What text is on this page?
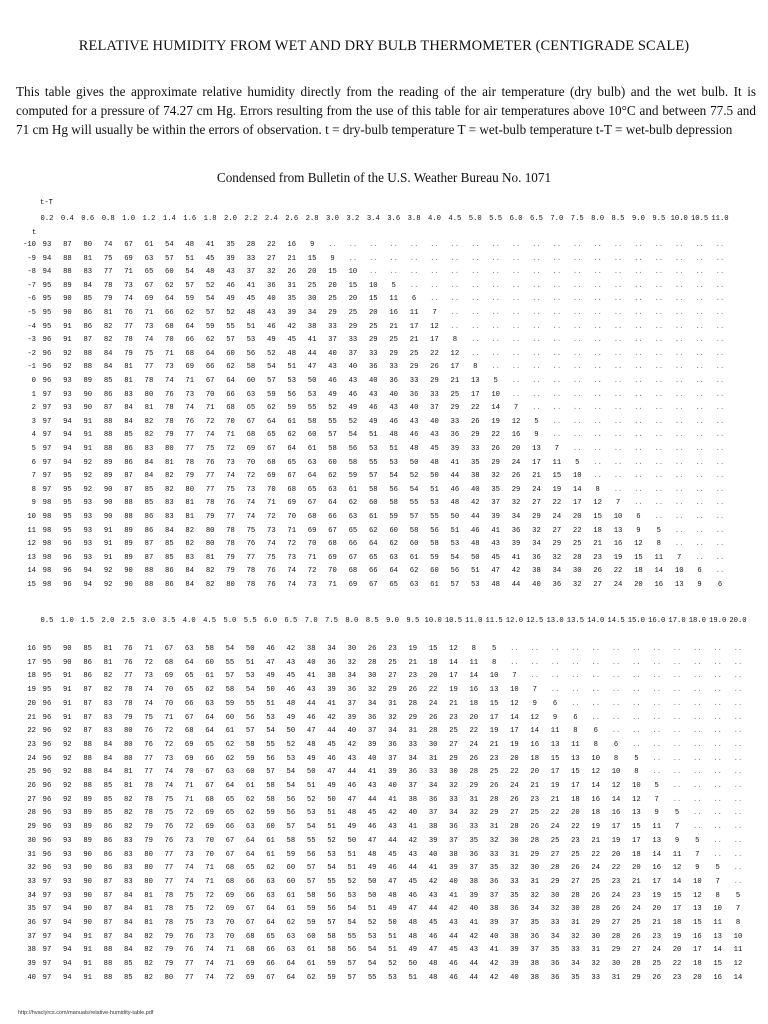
RELATIVE HUMIDITY FROM WET AND DRY BULB THERMOMETER (CENTIGRADE SCALE)
This table gives the approximate relative humidity directly from the reading of the air temperature (dry bulb) and the wet bulb. It is computed for a pressure of 74.27 cm Hg. Errors resulting from the use of this table for air temperatures above 10°C and between 77.5 and 71 cm Hg will usually be within the errors of observation. t = dry-bulb temperature T = wet-bulb temperature t-T = wet-bulb depression
Condensed from Bulletin of the U.S. Weather Bureau No. 1071

t-T

0.2	0.4	0.6	0.8	1.0	1.2	1.4	1.6	1.8	2.0	2.2	2.4	2.6	2.8	3.0	3.2	3.4	3.6	3.8	4.0	4.5	5.0	5.5	6.0	6.5	7.0	7.5	8.0	8.5	9.0	9.5 10.0 10.5 11.0

t

-10 93	87	80	74	67	61	54	48	41	35	28	22	16	9	..	..	..	..	..	..	..	..	..	..	..	..	..	..	..	..	..	..	..	..
-9 94	88	81	75	69	63	57	51	45	39	33	27	21	15	9	..	..	..	..	..	..	..	..	..	..	..	..	..	..	..	..	..	..	..
-8 94	88	83	77	71	65	60	54	48	43	37	32	26	20	15	10	..	..	..	..	..	..	..	..	..	..	..	..	..	..	..	..	..	..
-7 95	89	84	78	73	67	62	57	52	46	41	36	31	25	20	15	10	5	..	..	..	..	..	..	..	..	..	..	..	..	..	..	..	..
-6 95	90	85	79	74	69	64	59	54	49	45	40	35	30	25	20	15	11	6	..	..	..	..	..	..	..	..	..	..	..	..	..	..	..
-5 95	90	86	81	76	71	66	62	57	52	48	43	39	34	29	25	20	16	11	7	..	..	..	..	..	..	..	..	..	..	..	..	..	..
-4 95	91	86	82	77	73	68	64	59	55	51	46	42	38	33	29	25	21	17	12	..	..	..	..	..	..	..	..	..	..	..	..	..	..
-3 96	91	87	82	78	74	70	66	62	57	53	49	45	41	37	33	29	25	21	17	8	..	..	..	..	..	..	..	..	..	..	..	..	..
-2 96	92	88	84	79	75	71	68	64	60	56	52	48	44	40	37	33	29	25	22	12	..	..	..	..	..	..	..	..	..	..	..	..	..
-1 96	92	88	84	81	77	73	69	66	62	58	54	51	47	43	40	36	33	29	26	17	8	..	..	..	..	..	..	..	..	..	..	..	..
0 96	93	89	85	81	78	74	71	67	64	60	57	53	50	46	43	40	36	33	29	21	13	5	..	..	..	..	..	..	..	..	..	..	..
1 97	93	90	86	83	80	76	73	70	66	63	59	56	53	49	46	43	40	36	33	25	17	10	..	..	..	..	..	..	..	..	..	..	..
2 97	93	90	87	84	81	78	74	71	68	65	62	59	55	52	49	46	43	40	37	29	22	14	7	..	..	..	..	..	..	..	..	..	..
3 97	94	91	88	84	82	78	76	72	70	67	64	61	58	55	52	49	46	43	40	33	26	19	12	5	..	..	..	..	..	..	..	..	..
4 97	94	91	88	85	82	79	77	74	71	68	65	62	60	57	54	51	48	46	43	36	29	22	16	9	..	..	..	..	..	..	..	..	..
5 97	94	91	88	86	83	80	77	75	72	69	67	64	61	58	56	53	51	48	45	39	33	26	20	13	7	..	..	..	..	..	..	..	..
6 97	94	92	89	86	84	81	78	76	73	70	68	65	63	60	58	55	53	50	48	41	35	29	24	17	11	5	..	..	..	..	..	..	..
7 97	95	92	89	87	84	82	79	77	74	72	69	67	64	62	59	57	54	52	50	44	38	32	26	21	15	10	..	..	..	..	..	..	..
8 97	95	92	90	87	85	82	80	77	75	73	70	68	65	63	61	58	56	54	51	46	40	35	29	24	19	14	8	..	..	..	..	..	..
9 98	95	93	90	88	85	83	81	78	76	74	71	69	67	64	62	60	58	55	53	48	42	37	32	27	22	17	12	7	..	..	..	..	..
10 98	95	93	90	88	86	83	81	79	77	74	72	70	68	66	63	61	59	57	55	50	44	39	34	29	24	20	15	10	6	..	..	..	..
11 98	95	93	91	89	86	84	82	80	78	75	73	71	69	67	65	62	60	58	56	51	46	41	36	32	27	22	18	13	9	5	..	..	..
12 98	96	93	91	89	87	85	82	80	78	76	74	72	70	68	66	64	62	60	58	53	48	43	39	34	29	25	21	16	12	8	..	..	..
13 98	96	93	91	89	87	85	83	81	79	77	75	73	71	69	67	65	63	61	59	54	50	45	41	36	32	28	23	19	15	11	7	..	..
14 98	96	94	92	90	88	86	84	82	79	78	76	74	72	70	68	66	64	62	60	56	51	47	42	38	34	30	26	22	18	14	10	6	..
15 98	96	94	92	90	88	86	84	82	80	78	76	74	73	71	69	67	65	63	61	57	53	48	44	40	36	32	27	24	20	16	13	9	6

0.5	1.0	1.5	2.0	2.5	3.0	3.5	4.0	4.5	5.0	5.5	6.0	6.5	7.0	7.5	8.0	8.5	9.0	9.5 10.0 10.5 11.0 11.5 12.0 12.5 13.0 13.5 14.0 14.5 15.0 16.0 17.0 18.0 19.0 20.0

16 95	90	85	81	76	71	67	63	58	54	50	46	42	38	34	30	26	23	19	15	12	8	5	..	..	..	..	..	..	..	..	..	..	..	..
17 95	90	86	81	76	72	68	64	60	55	51	47	43	40	36	32	28	25	21	18	14	11	8	..	..	..	..	..	..	..	..	..	..	..	..
18 95	91	86	82	77	73	69	65	61	57	53	49	45	41	38	34	30	27	23	20	17	14	10	7	..	..	..	..	..	..	..	..	..	..	..
19 95	91	87	82	78	74	70	65	62	58	54	50	46	43	39	36	32	29	26	22	19	16	13	10	7	..	..	..	..	..	..	..	..	..	..
20 96	91	87	83	78	74	70	66	63	59	55	51	48	44	41	37	34	31	28	24	21	18	15	12	9	6	..	..	..	..	..	..	..	..	..
21 96	91	87	83	79	75	71	67	64	60	56	53	49	46	42	39	36	32	29	26	23	20	17	14	12	9	6	..	..	..	..	..	..	..	..
22 96	92	87	83	80	76	72	68	64	61	57	54	50	47	44	40	37	34	31	28	25	22	19	17	14	11	8	6	..	..	..	..	..	..	..
23 96	92	88	84	80	76	72	69	65	62	58	55	52	48	45	42	39	36	33	30	27	24	21	19	16	13	11	8	6	..	..	..	..	..	..
24 96	92	88	84	80	77	73	69	66	62	59	56	53	49	46	43	40	37	34	31	29	26	23	20	18	15	13	10	8	5	..	..	..	..	..
25 96	92	88	84	81	77	74	70	67	63	60	57	54	50	47	44	41	39	36	33	30	28	25	22	20	17	15	12	10	8	..	..	..	..	..
26 96	92	88	85	81	78	74	71	67	64	61	58	54	51	49	46	43	40	37	34	32	29	26	24	21	19	17	14	12	10	5	..	..	..	..
27 96	92	89	85	82	78	75	71	68	65	62	58	56	52	50	47	44	41	38	36	33	31	28	26	23	21	18	16	14	12	7	..	..	..	..
28 96	93	89	85	82	78	75	72	69	65	62	59	56	53	51	48	45	42	40	37	34	32	29	27	25	22	20	18	16	13	9	5	..	..	..
29 96	93	89	86	82	79	76	72	69	66	63	60	57	54	51	49	46	43	41	38	36	33	31	28	26	24	22	19	17	15	11	7	..	..	..
30 96	93	89	86	83	79	76	73	70	67	64	61	58	55	52	50	47	44	42	39	37	35	32	30	28	25	23	21	19	17	13	9	5	..	..
31 96	93	90	86	83	80	77	73	70	67	64	61	59	56	53	51	48	45	43	40	38	36	33	31	29	27	25	22	20	18	14	11	7	..	..
32 96	93	90	86	83	80	77	74	71	68	65	62	60	57	54	51	49	46	44	41	39	37	35	32	30	28	26	24	22	20	16	12	9	5	..
33 97	93	90	87	83	80	77	74	71	68	66	63	60	57	55	52	50	47	45	42	40	38	36	33	31	29	27	25	23	21	17	14	10	7	..
34 97	93	90	87	84	81	78	75	72	69	66	63	61	58	56	53	50	48	46	43	41	39	37	35	32	30	28	26	24	23	19	15	12	8	5
35 97	94	90	87	84	81	78	75	72	69	67	64	61	59	56	54	51	49	47	44	42	40	38	36	34	32	30	28	26	24	20	17	13	10	7
36 97	94	90	87	84	81	78	75	73	70	67	64	62	59	57	54	52	50	48	45	43	41	39	37	35	33	31	29	27	25	21	18	15	11	8
37 97	94	91	87	84	82	79	76	73	70	68	65	63	60	58	55	53	51	48	46	44	42	40	38	36	34	32	30	28	26	23	19	16	13	10
38 97	94	91	88	84	82	79	76	74	71	68	66	63	61	58	56	54	51	49	47	45	43	41	39	37	35	33	31	29	27	24	20	17	14	11
39 97	94	91	88	85	82	79	77	74	71	69	66	64	61	59	57	54	52	50	48	46	44	42	39	38	36	34	32	30	28	25	22	18	15	12
40 97	94	91	88	85	82	80	77	74	72	69	67	64	62	59	57	55	53	51	48	46	44	42	40	38	36	35	33	31	29	26	23	20	16	14

http://hvaclyrcs.com/manuals/relative-humidity-table.pdf
